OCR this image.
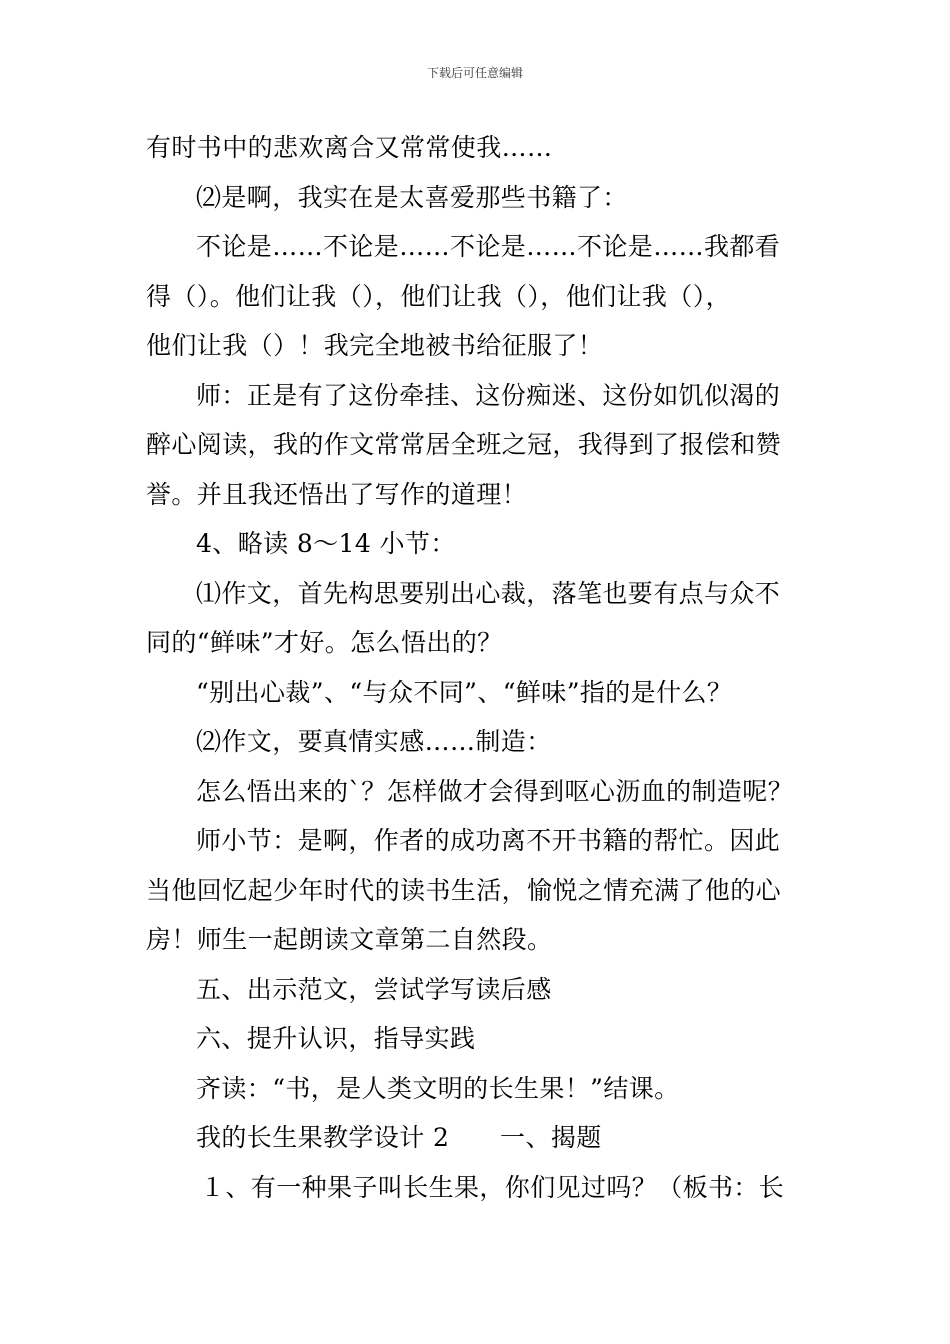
下载后可任意编辑
有时书中的悲欢离合又常常使我……
⑵是啊，我实在是太喜爱那些书籍了：
不论是……不论是……不论是……不论是……我都看
得（）。他们让我（），他们让我（），他们让我（），
他们让我（）！我完全地被书给征服了！
师：正是有了这份牵挂、这份痴迷、这份如饥似渴的
醉心阅读，我的作文常常居全班之冠，我得到了报偿和赞
誉。并且我还悟出了写作的道理！
4、略读 8～14 小节：
⑴作文，首先构思要别出心裁，落笔也要有点与众不
同的“鲜味”才好。怎么悟出的？
“别出心裁”、“与众不同”、“鲜味”指的是什么？
⑵作文，要真情实感……制造：
怎么悟出来的`？怎样做才会得到呕心沥血的制造呢？
师小节：是啊，作者的成功离不开书籍的帮忙。因此
当他回忆起少年时代的读书生活，愉悦之情充满了他的心
房！师生一起朗读文章第二自然段。
五、出示范文，尝试学写读后感
六、提升认识，指导实践
齐读：“书，是人类文明的长生果！”结课。
我的长生果教学设计 2　　一、揭题
１、有一种果子叫长生果，你们见过吗？（板书：长
